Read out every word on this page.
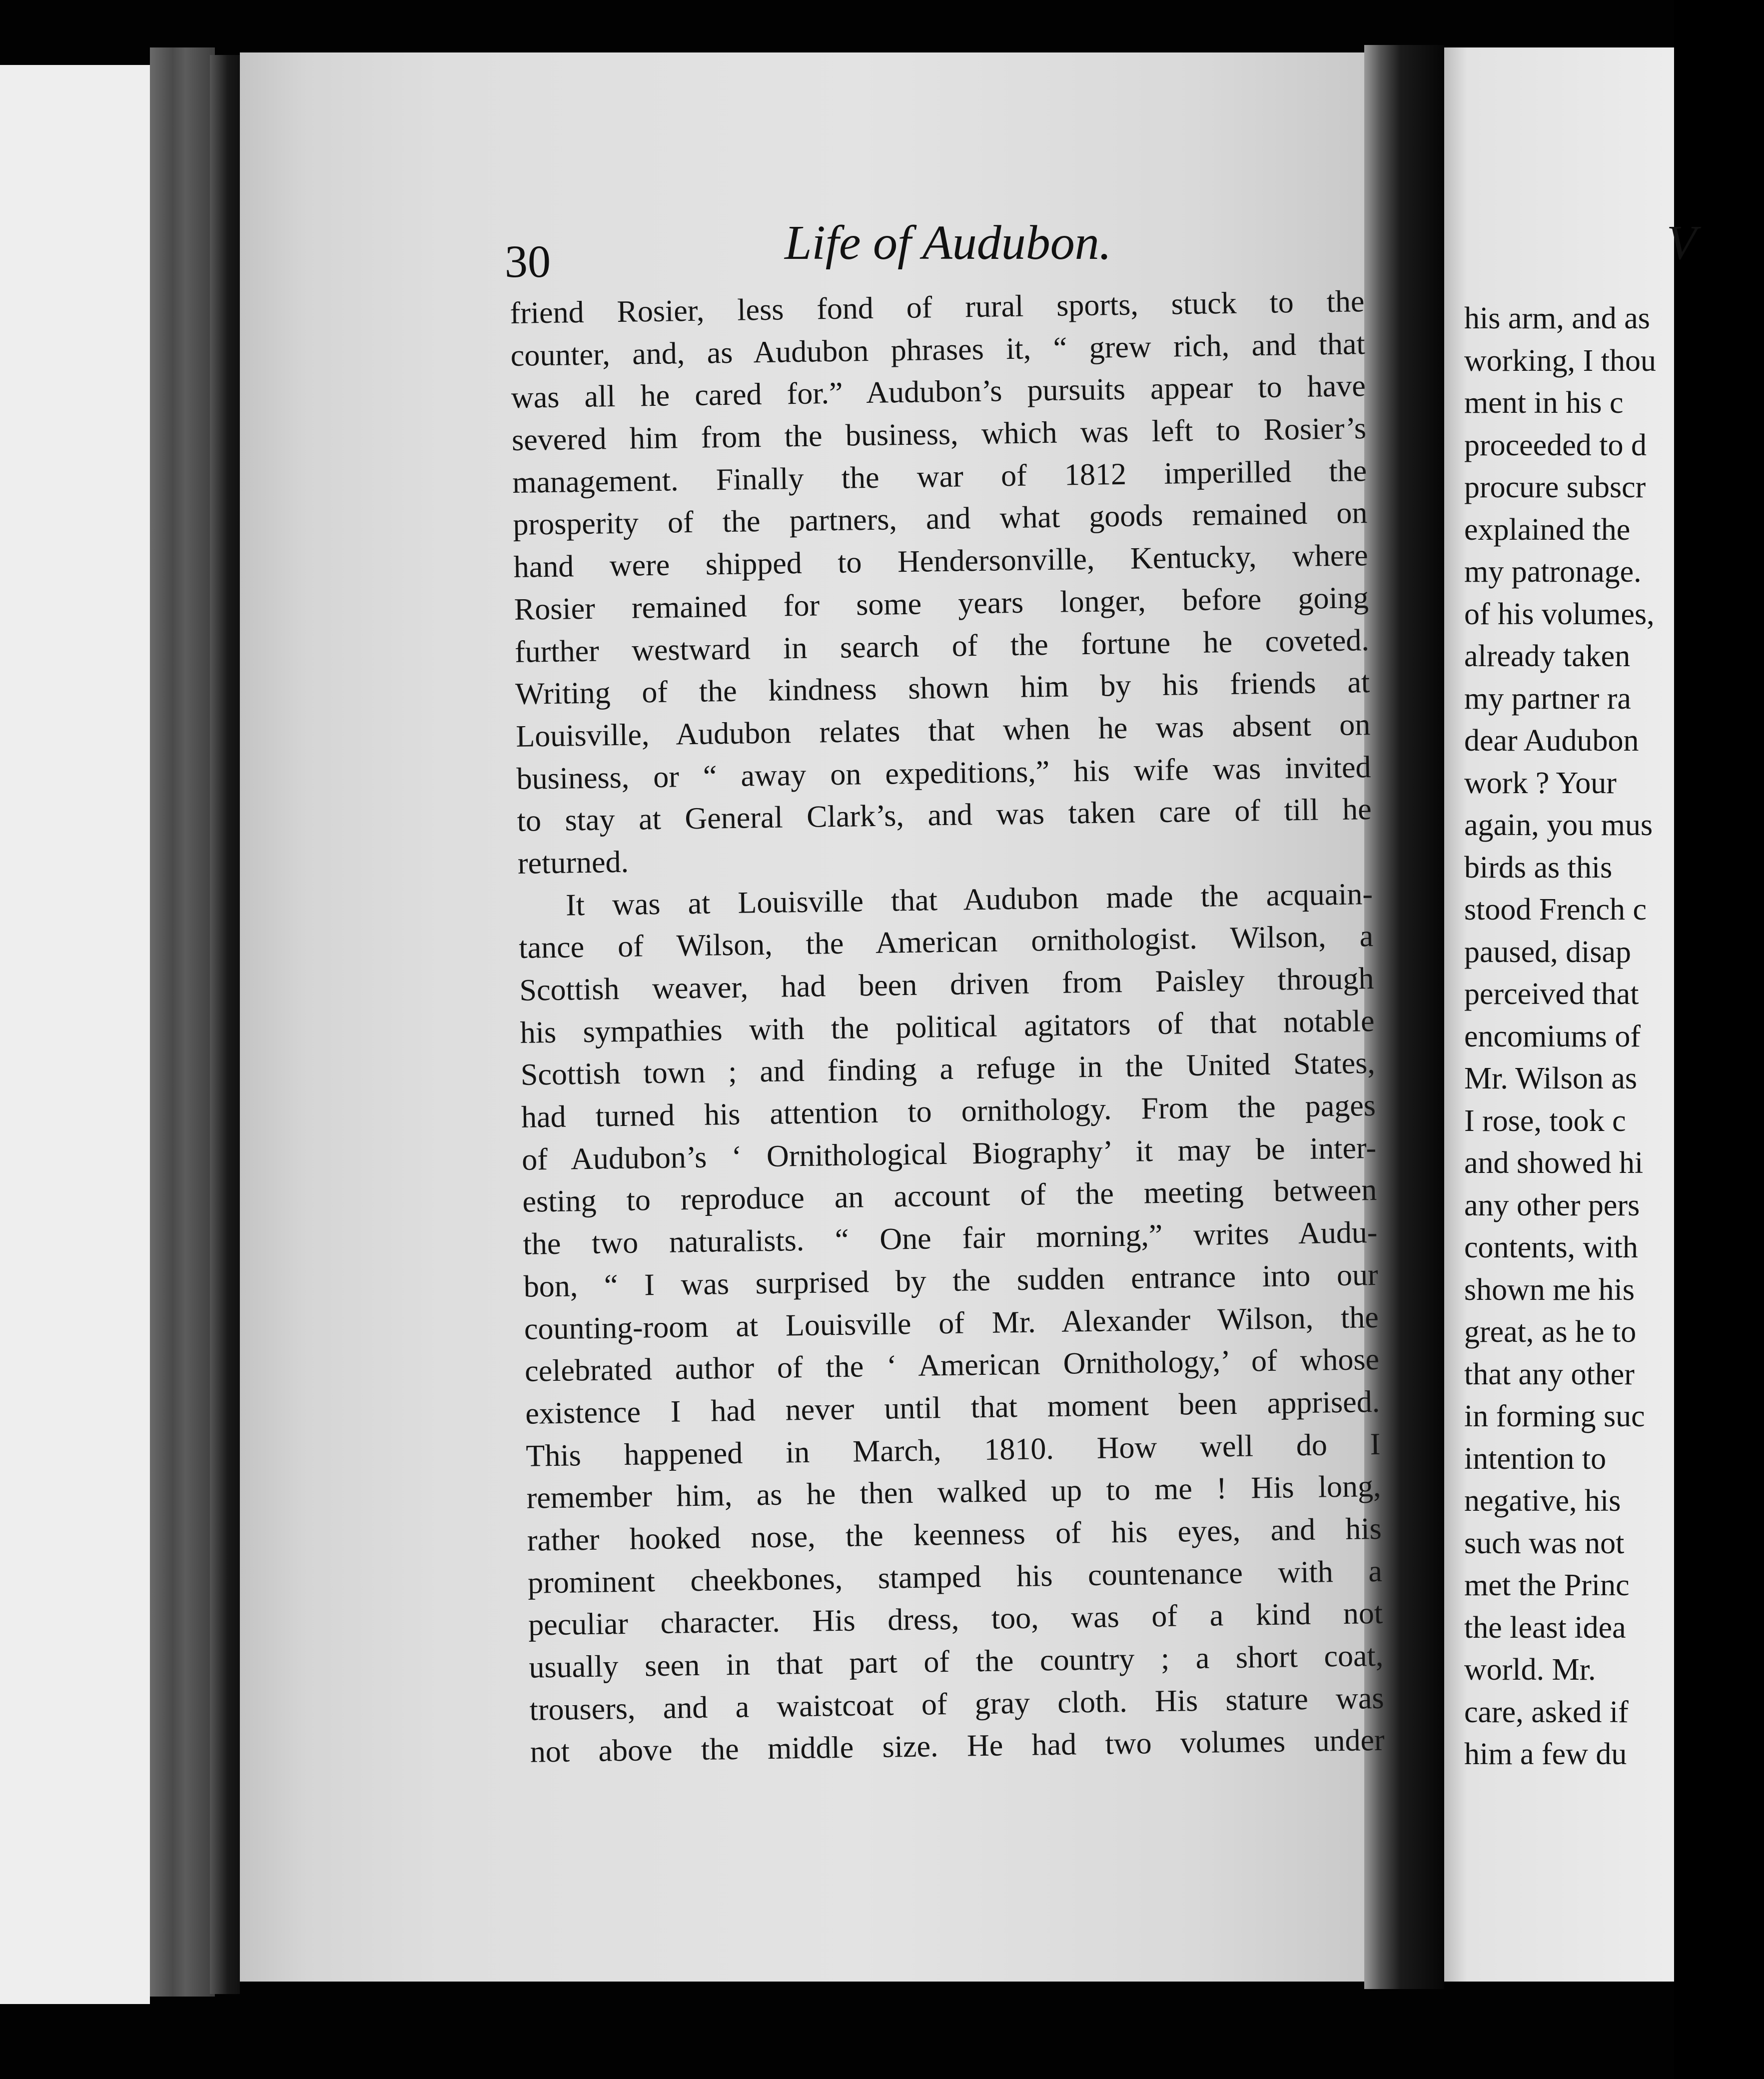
30	Life of Audubon.

friend Rosier, less fond of rural sports, stuck to the
counter, and, as Audubon phrases it, “ grew rich, and that
was all he cared for.” Audubon’s pursuits appear to have
severed him from the business, which was left to Rosier’s
management. Finally the war of 1812 imperilled the
prosperity of the partners, and what goods remained on
hand were shipped to Hendersonville, Kentucky, where
Rosier remained for some years longer, before going
further westward in search of the fortune he coveted.
Writing of the kindness shown him by his friends at
Louisville, Audubon relates that when he was absent on
business, or “ away on expeditions,” his wife was invited
to stay at General Clark’s, and was taken care of till he
returned.
It was at Louisville that Audubon made the acquain-
tance of Wilson, the American ornithologist. Wilson, a
Scottish weaver, had been driven from Paisley through
his sympathies with the political agitators of that notable
Scottish town ; and finding a refuge in the United States,
had turned his attention to ornithology. From the pages
of Audubon’s ‘ Ornithological Biography’ it may be inter-
esting to reproduce an account of the meeting between
the two naturalists. “ One fair morning,” writes Audu-
bon, “ I was surprised by the sudden entrance into our
counting-room at Louisville of Mr. Alexander Wilson, the
celebrated author of the ‘ American Ornithology,’ of whose
existence I had never until that moment been apprised.
This happened in March, 1810. How well do I
remember him, as he then walked up to me ! His long,
rather hooked nose, the keenness of his eyes, and his
prominent cheekbones, stamped his countenance with a
peculiar character. His dress, too, was of a kind not
usually seen in that part of the country ; a short coat,
trousers, and a waistcoat of gray cloth. His stature was
not above the middle size. He had two volumes under

V

his arm, and as
working, I thou
ment in his c
proceeded to d
procure subscr
explained the
my patronage.
of his volumes,
already taken
my partner ra
dear Audubon
work ? Your
again, you mus
birds as this
stood French c
paused, disap
perceived that
encomiums of
Mr. Wilson as
I rose, took c
and showed hi
any other pers
contents, with
shown me his
great, as he to
that any other
in forming suc
intention to
negative, his
such was not
met the Princ
the least idea
world. Mr.
care, asked if
him a few du
